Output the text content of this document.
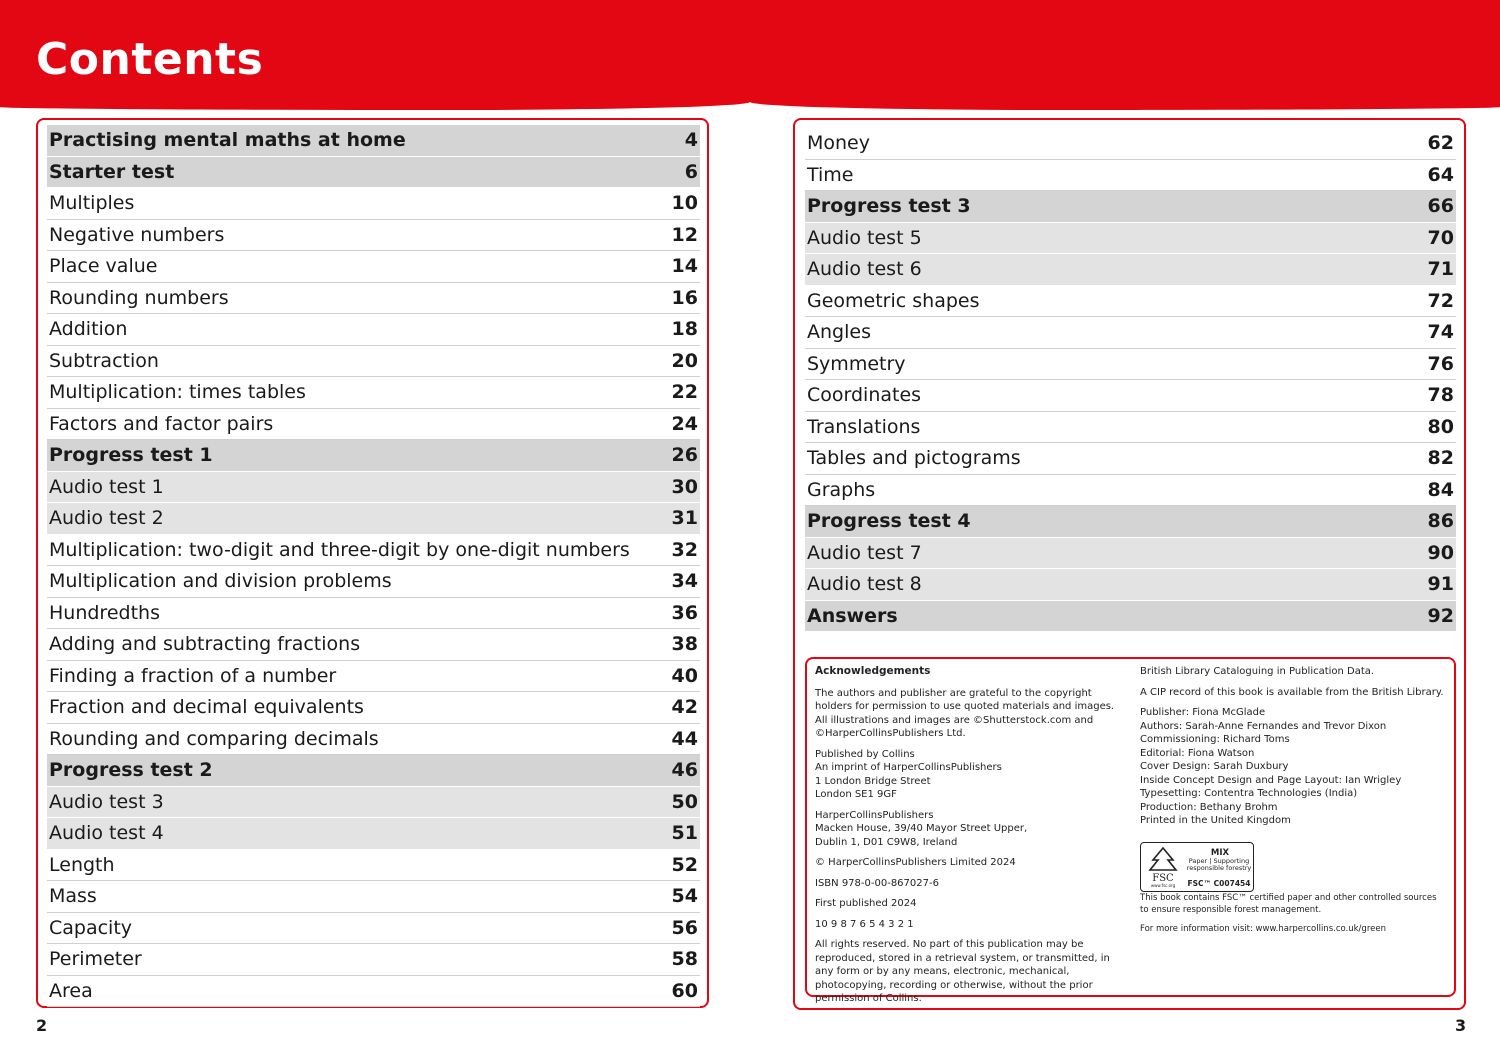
Contents
Practising mental maths at home	4
Starter test	6
Multiples	10
Negative numbers	12
Place value	14
Rounding numbers	16
Addition	18
Subtraction	20
Multiplication: times tables	22
Factors and factor pairs	24
Progress test 1	26
Audio test 1	30
Audio test 2	31
Multiplication: two-digit and three-digit by one-digit numbers 32
Multiplication and division problems	34
Hundredths	36
Adding and subtracting fractions	38
Finding a fraction of a number	40
Fraction and decimal equivalents	42
Rounding and comparing decimals	44
Progress test 2	46
Audio test 3	50
Audio test 4	51
Length	52
Mass	54
Capacity	56
Perimeter	58
Area	60
Money	62
Time	64
Progress test 3	66
Audio test 5	70
Audio test 6	71
Geometric shapes	72
Angles	74
Symmetry	76
Coordinates	78
Translations	80
Tables and pictograms	82
Graphs	84
Progress test 4	86
Audio test 7	90
Audio test 8	91
Answers	92

Acknowledgements

The authors and publisher are grateful to the copyright holders for permission to use quoted materials and images. All illustrations and images are ©Shutterstock.com and ©HarperCollinsPublishers Ltd.

Published by Collins
An imprint of HarperCollinsPublishers
1 London Bridge Street
London SE1 9GF

HarperCollinsPublishers
Macken House, 39/40 Mayor Street Upper,
Dublin 1, D01 C9W8, Ireland

© HarperCollinsPublishers Limited 2024

ISBN 978-0-00-867027-6

First published 2024

10 9 8 7 6 5 4 3 2 1

All rights reserved. No part of this publication may be reproduced, stored in a retrieval system, or transmitted, in any form or by any means, electronic, mechanical, photocopying, recording or otherwise, without the prior permission of Collins.

British Library Cataloguing in Publication Data.

A CIP record of this book is available from the British Library.

Publisher: Fiona McGlade
Authors: Sarah-Anne Fernandes and Trevor Dixon
Commissioning: Richard Toms
Editorial: Fiona Watson
Cover Design: Sarah Duxbury
Inside Concept Design and Page Layout: Ian Wrigley
Typesetting: Contentra Technologies (India)
Production: Bethany Brohm
Printed in the United Kingdom

FSC
www.fsc.org
MIX
Paper | Supporting responsible forestry
FSC™ C007454

This book contains FSC™ certified paper and other controlled sources to ensure responsible forest management.

For more information visit: www.harpercollins.co.uk/green

2	3
